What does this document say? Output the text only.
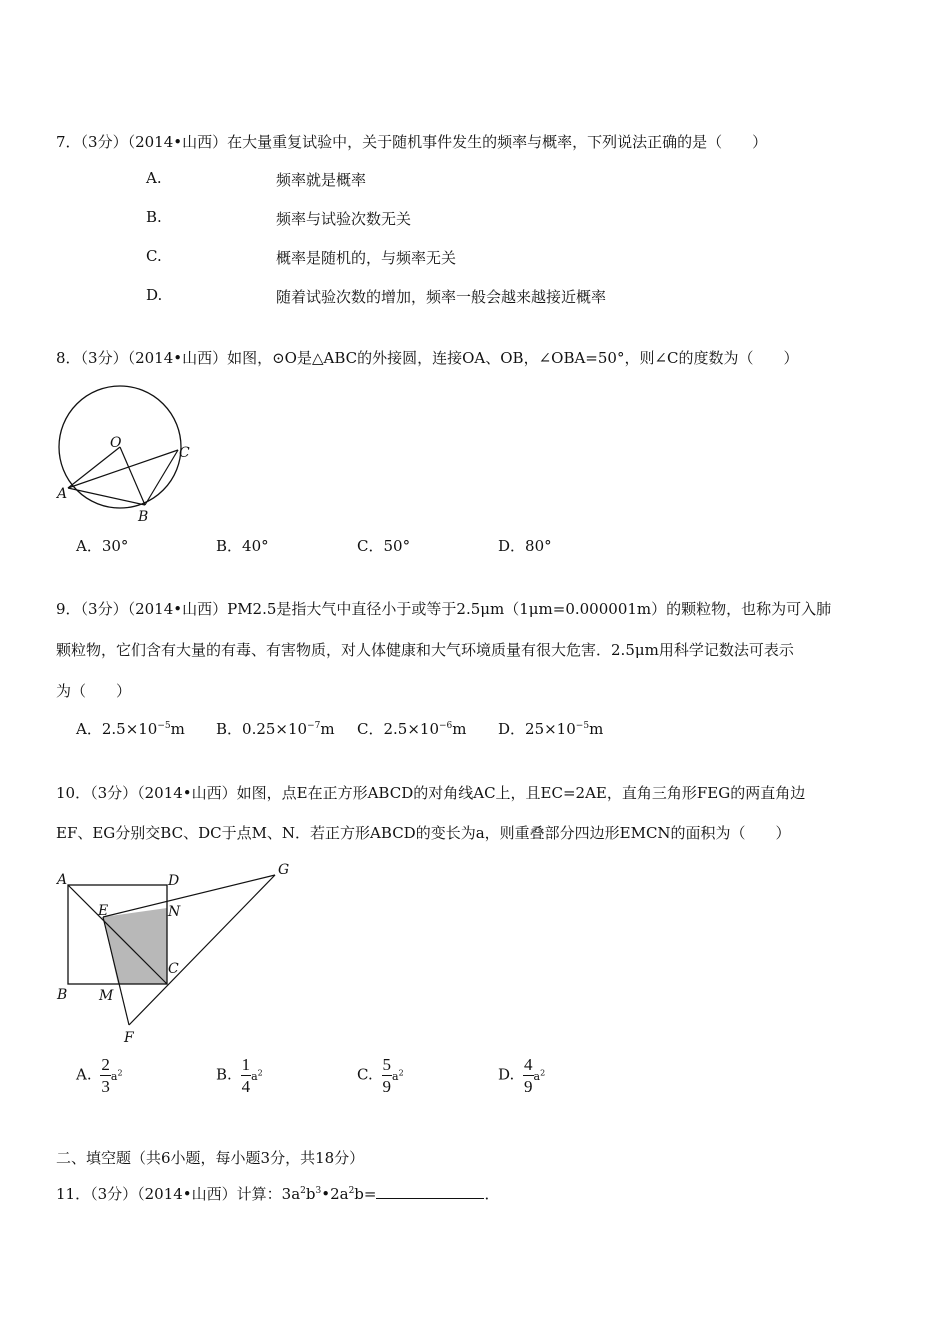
7．（3分）（2014•山西）在大量重复试验中，关于随机事件发生的频率与概率，下列说法正确的是（　　）
A.	频率就是概率
B.	频率与试验次数无关
C.	概率是随机的，与频率无关
D.	随着试验次数的增加，频率一般会越来越接近概率
8．（3分）（2014•山西）如图，⊙O是△ABC的外接圆，连接OA、OB，∠OBA=50°，则∠C的度数为（　　）
O
A
B
C
A．30°	B．40°	C．50°	D．80°
9．（3分）（2014•山西）PM2.5是指大气中直径小于或等于2.5μm（1μm=0.000001m）的颗粒物，也称为可入肺
颗粒物，它们含有大量的有毒、有害物质，对人体健康和大气环境质量有很大危害．2.5μm用科学记数法可表示
为（　　）
A．$2.5\times 10^{-5}m$ B．$0.25\times 10^{-7}m$ C．$2.5\times 10^{-6}m$ D．$25\times 10^{-5}m$
10．（3分）（2014•山西）如图，点E在正方形ABCD的对角线AC上，且EC=2AE，直角三角形FEG的两直角边
EF、EG分别交BC、DC于点M、N．若正方形ABCD的变长为a，则重叠部分四边形EMCN的面积为（　　）
A	D
G
E	N
C
B M
F
A. $\frac{2}{3} a^2$	B. $\frac{1}{4} a^2$	C. $\frac{5}{9} a^2$	D. $\frac{4}{9} a^2$
二、填空题（共6小题，每小题3分，共18分）
11．（3分）（2014•山西）计算：$3a^2b^3•2a^2b=$	．
